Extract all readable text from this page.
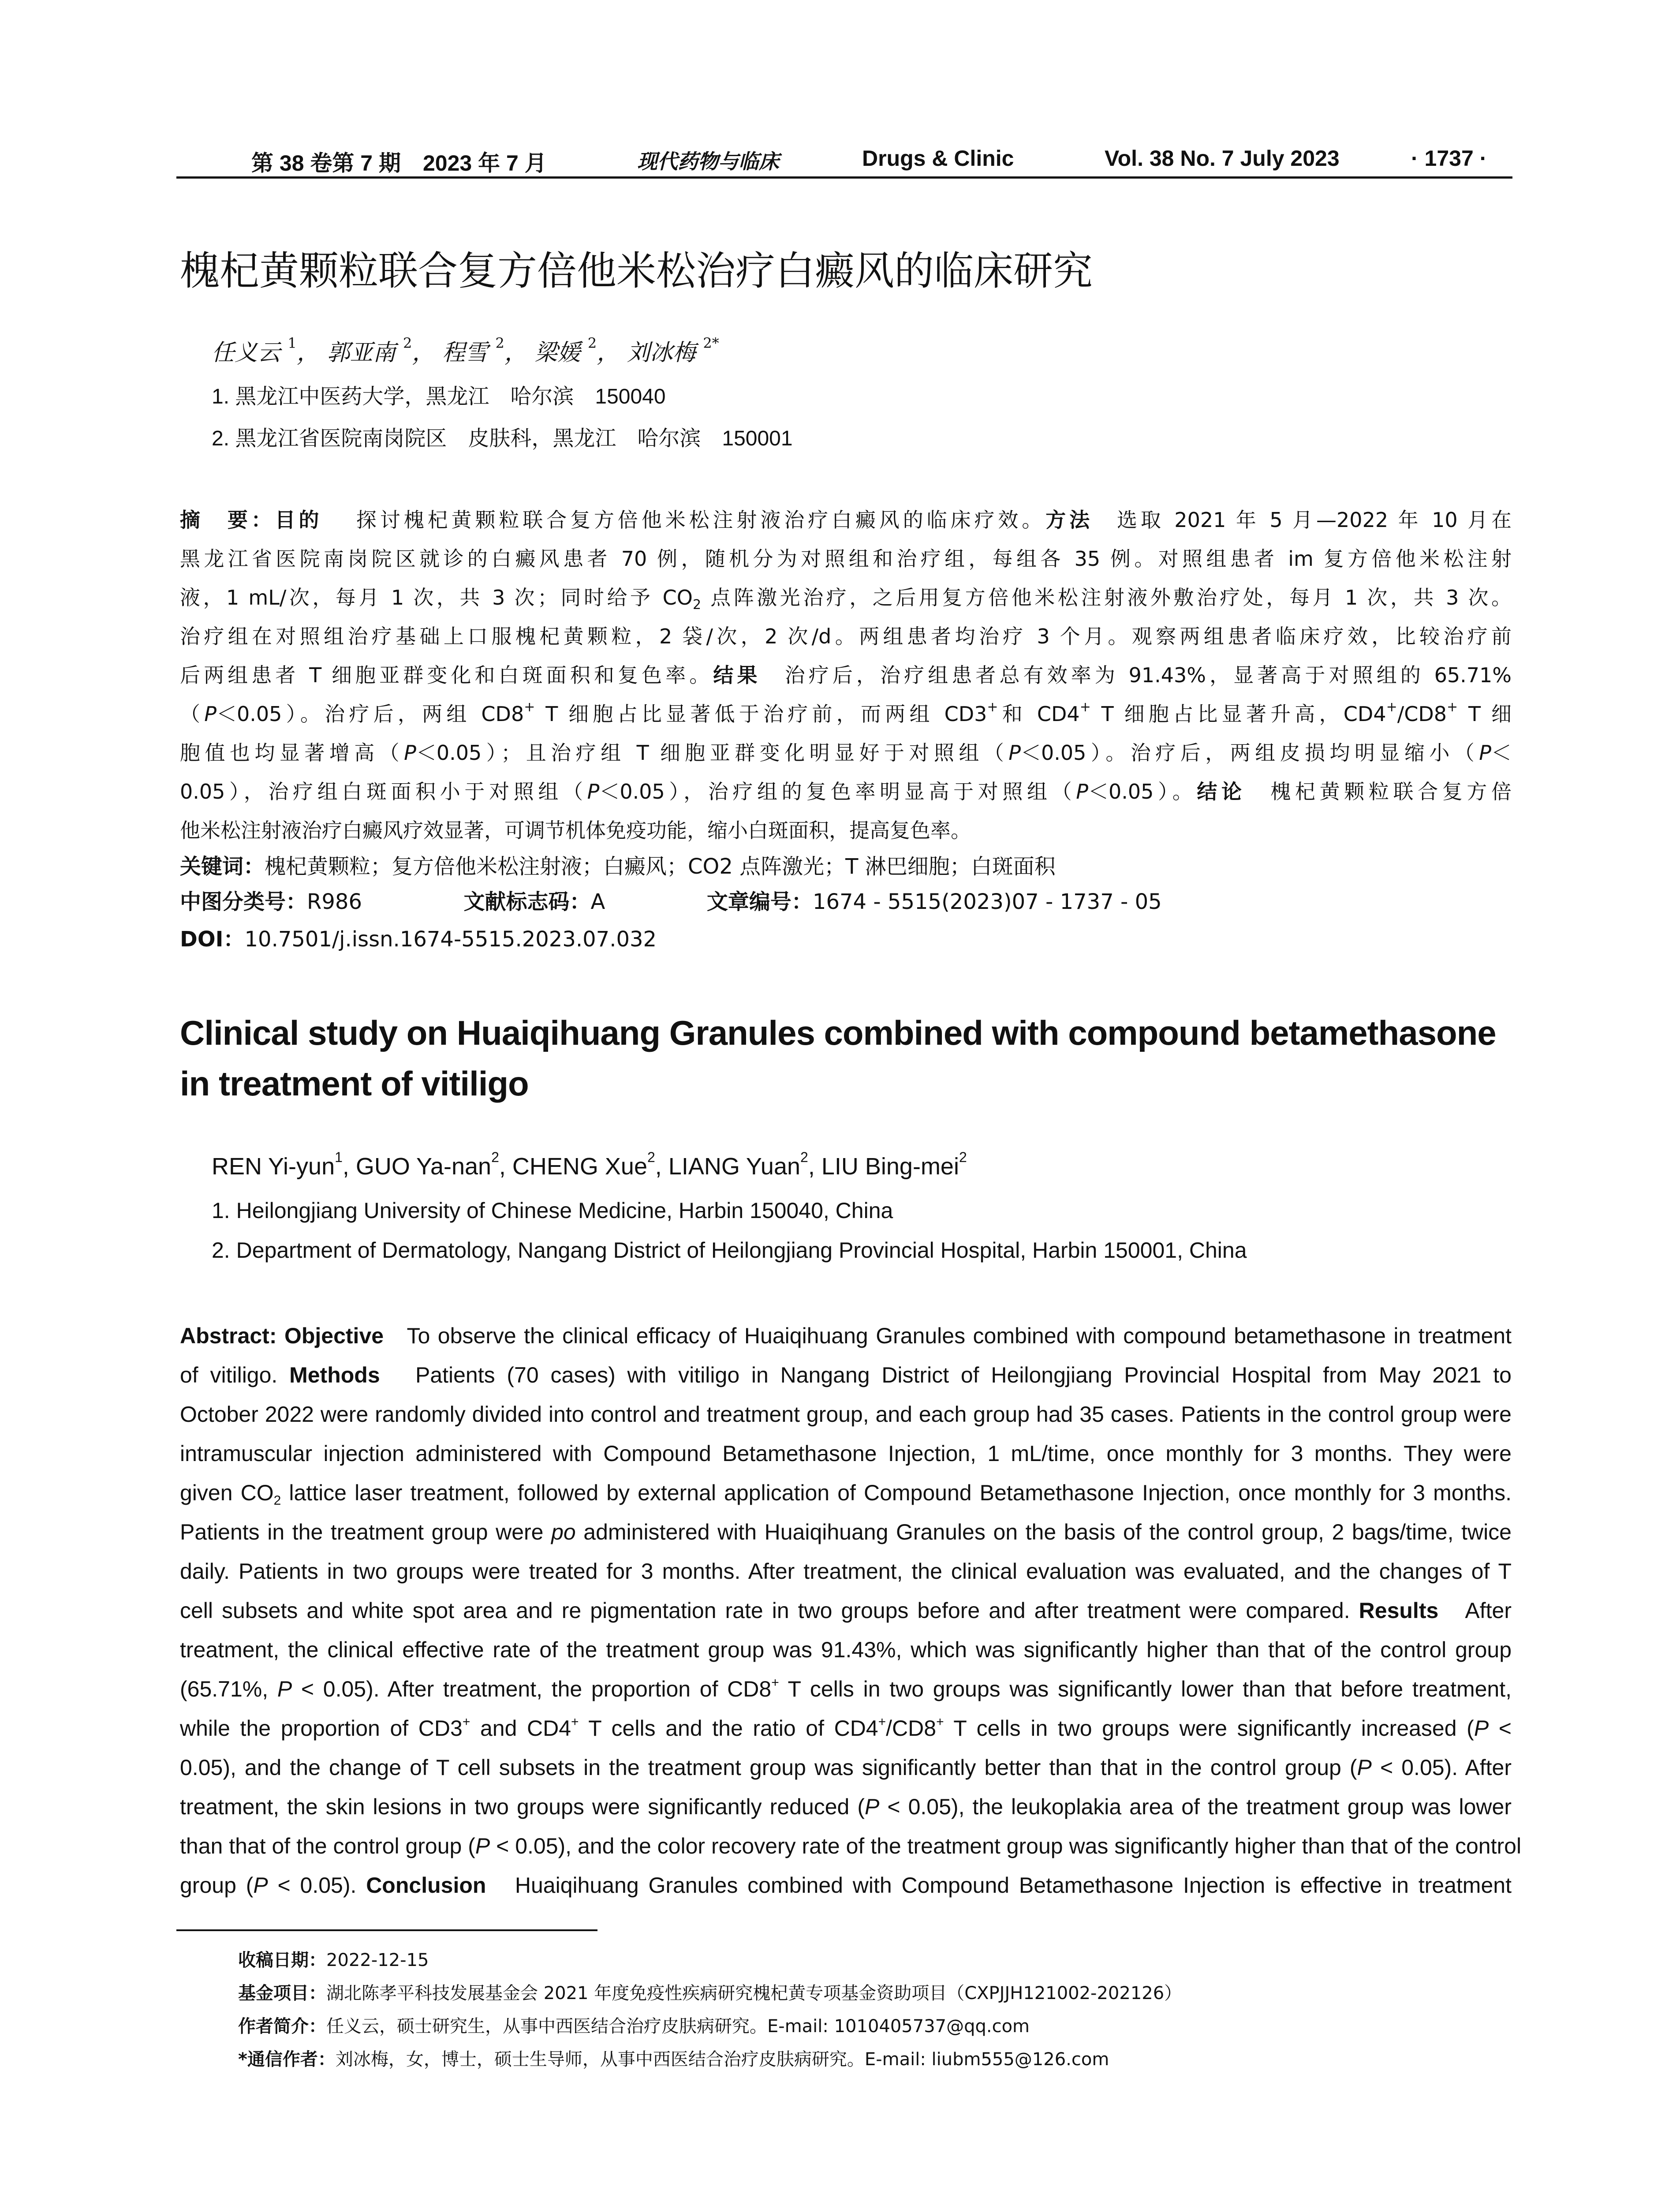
第 38 卷第 7 期　2023 年 7 月	现代药物与临床	Drugs & Clinic	Vol. 38 No. 7 July 2023	· 1737 ·
槐杞黄颗粒联合复方倍他米松治疗白癜风的临床研究
任义云 $^1$， 郭亚南 $^2$， 程雪 $^2$， 梁媛 $^2$， 刘冰梅 $^{2*}$
1. 黑龙江中医药大学，黑龙江　哈尔滨　150040
2. 黑龙江省医院南岗院区　皮肤科，黑龙江　哈尔滨　150001
摘　要：目的　 探讨槐杞黄颗粒联合复方倍他米松注射液治疗白癜风的临床疗效。方法　选取 2021 年 5 月—2022 年 10 月在
黑龙江省医院南岗院区就诊的白癜风患者 70 例，随机分为对照组和治疗组，每组各 35 例。对照组患者 im 复方倍他米松注射
液，1 mL/次，每月 1 次，共 3 次；同时给予 $CO_2$ 点阵激光治疗，之后用复方倍他米松注射液外敷治疗处，每月 1 次，共 3 次。
治疗组在对照组治疗基础上口服槐杞黄颗粒，2 袋/次，2 次/d。两组患者均治疗 3 个月。观察两组患者临床疗效，比较治疗前
后两组患者 T 细胞亚群变化和白斑面积和复色率。结果　治疗后，治疗组患者总有效率为 91.43%，显著高于对照组的 65.71%
（P＜0.05）。治疗后，两组 CD8+ T 细胞占比显著低于治疗前，而两组 CD3+和 CD4+ T 细胞占比显著升高，CD4+/CD8+ T 细
胞值也均显著增高（P＜0.05）；且治疗组 T 细胞亚群变化明显好于对照组（P＜0.05）。治疗后，两组皮损均明显缩小（P＜
0.05），治疗组白斑面积小于对照组（P＜0.05），治疗组的复色率明显高于对照组（P＜0.05）。结论　槐杞黄颗粒联合复方倍
他米松注射液治疗白癜风疗效显著，可调节机体免疫功能，缩小白斑面积，提高复色率。
关键词：槐杞黄颗粒；复方倍他米松注射液；白癜风；CO2 点阵激光；T 淋巴细胞；白斑面积
中图分类号：R986	文献标志码：A	文章编号：1674 - 5515(2023)07 - 1737 - 05
DOI：10.7501/j.issn.1674-5515.2023.07.032
Clinical study on Huaiqihuang Granules combined with compound betamethasone
in treatment of vitiligo
REN Yi-yun$^1$, GUO Ya-nan$^2$, CHENG Xue$^2$, LIANG Yuan$^2$, LIU Bing-mei$^2$
1. Heilongjiang University of Chinese Medicine, Harbin 150040, China
2. Department of Dermatology, Nangang District of Heilongjiang Provincial Hospital, Harbin 150001, China
Abstract: Objective To observe the clinical efficacy of Huaiqihuang Granules combined with compound betamethasone in treatment
of vitiligo. Methods Patients (70 cases) with vitiligo in Nangang District of Heilongjiang Provincial Hospital from May 2021 to
October 2022 were randomly divided into control and treatment group, and each group had 35 cases. Patients in the control group were
intramuscular injection administered with Compound Betamethasone Injection, 1 mL/time, once monthly for 3 months. They were
given $CO_2$ lattice laser treatment, followed by external application of Compound Betamethasone Injection, once monthly for 3 months.
Patients in the treatment group were po administered with Huaiqihuang Granules on the basis of the control group, 2 bags/time, twice
daily. Patients in two groups were treated for 3 months. After treatment, the clinical evaluation was evaluated, and the changes of T
cell subsets and white spot area and re pigmentation rate in two groups before and after treatment were compared. Results After
treatment, the clinical effective rate of the treatment group was 91.43%, which was significantly higher than that of the control group
(65.71%, P < 0.05). After treatment, the proportion of CD8+ T cells in two groups was significantly lower than that before treatment,
while the proportion of CD3+ and CD4+ T cells and the ratio of CD4+/CD8+ T cells in two groups were significantly increased (P <
0.05), and the change of T cell subsets in the treatment group was significantly better than that in the control group (P < 0.05). After
treatment, the skin lesions in two groups were significantly reduced (P < 0.05), the leukoplakia area of the treatment group was lower
than that of the control group (P < 0.05), and the color recovery rate of the treatment group was significantly higher than that of the control
group (P < 0.05). Conclusion Huaiqihuang Granules combined with Compound Betamethasone Injection is effective in treatment
收稿日期：2022-12-15
基金项目：湖北陈孝平科技发展基金会 2021 年度免疫性疾病研究槐杞黄专项基金资助项目（CXPJJH121002-202126）
作者简介：任义云，硕士研究生，从事中西医结合治疗皮肤病研究。E-mail: 1010405737@qq.com
*通信作者：刘冰梅，女，博士，硕士生导师，从事中西医结合治疗皮肤病研究。E-mail: liubm555@126.com
